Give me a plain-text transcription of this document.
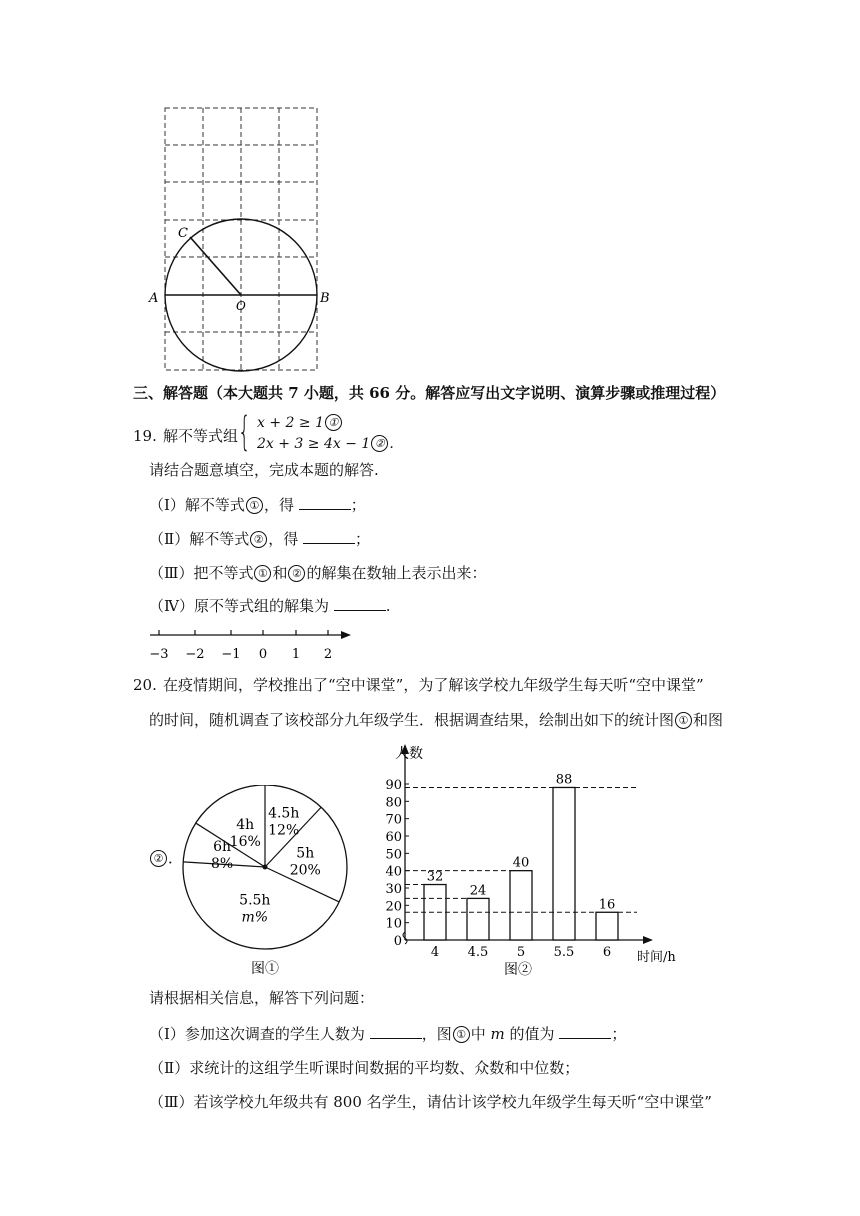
A	B
C
O
三、解答题（本大题共 7 小题，共 66 分。解答应写出文字说明、演算步骤或推理过程）
19. 解不等式组 { x + 2 ≥ 1 ①
2x + 3 ≥ 4x − 1 ② .
请结合题意填空，完成本题的解答.
（Ⅰ）解不等式 ① ，得	；
（Ⅱ）解不等式 ② ，得	；
（Ⅲ）把不等式 ① 和 ② 的解集在数轴上表示出来：
（Ⅳ）原不等式组的解集为	.
−3 −2 −1 0 1 2
20. 在疫情期间，学校推出了“空中课堂”，为了解该学校九年级学生每天听“空中课堂”
的时间，随机调查了该校部分九年级学生．根据调查结果，绘制出如下的统计图 ① 和图
② ．
4.5h
12%
5h
20%
5.5h
m%
6h
8%
4h
16%
图①
0
10
20
30
40
50
60
70
80
90
32
4
24
4.5
40
5
88
5.5
16
6
人数
时间/h
图②
请根据相关信息，解答下列问题：
（Ⅰ）参加这次调查的学生人数为	，图 ① 中 m 的值为	；
（Ⅱ）求统计的这组学生听课时间数据的平均数、众数和中位数；
（Ⅲ）若该学校九年级共有 800 名学生，请估计该学校九年级学生每天听“空中课堂”
